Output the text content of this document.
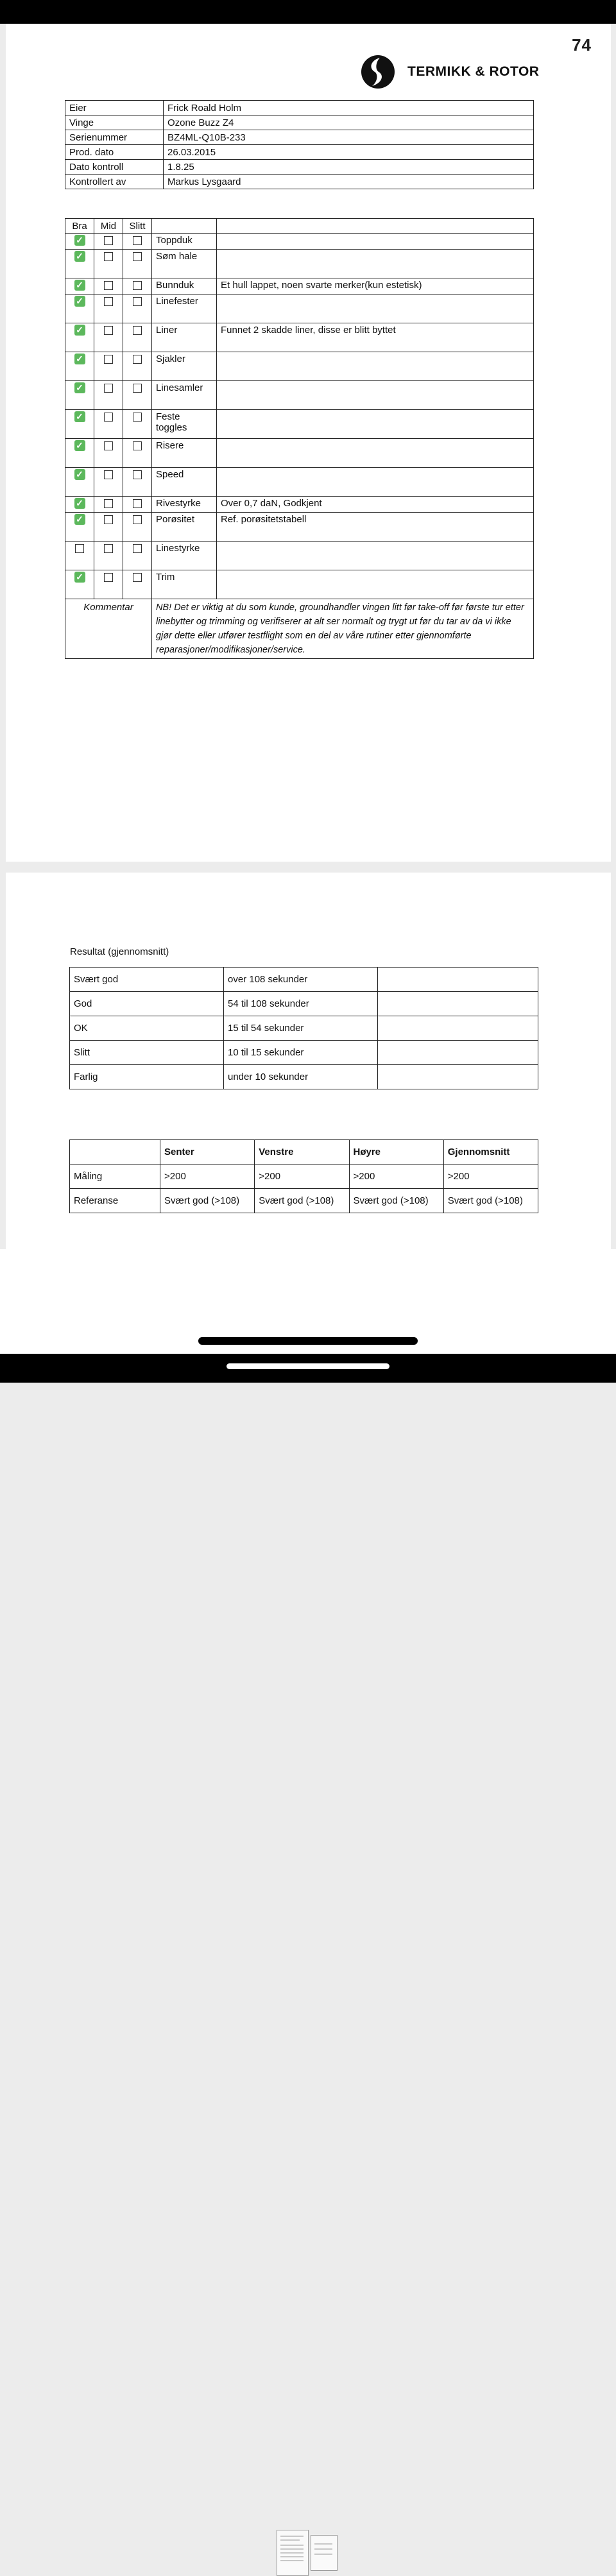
74
TERMIKK & ROTOR
Eier	Frick Roald Holm
Vinge	Ozone Buzz Z4
Serienummer	BZ4ML-Q10B-233
Prod. dato	26.03.2015
Dato kontroll	1.8.25
Kontrollert av	Markus Lysgaard
Bra	Mid	Slitt		
✓			Toppduk	
✓			Søm hale	
✓			Bunnduk	Et hull lappet, noen svarte merker(kun estetisk)
✓			Linefester	
✓			Liner	Funnet 2 skadde liner, disse er blitt byttet
✓			Sjakler	
✓			Linesamler	
✓			Feste toggles	
✓			Risere	
✓			Speed	
✓			Rivestyrke	Over 0,7 daN, Godkjent
✓			Porøsitet	Ref. porøsitetstabell
			Linestyrke	
✓			Trim	
Kommentar			NB! Det er viktig at du som kunde, groundhandler vingen litt før take-off før første tur etter linebytter og trimming og verifiserer at alt ser normalt og trygt ut før du tar av da vi ikke gjør dette eller utfører testflight som en del av våre rutiner etter gjennomførte reparasjoner/modifikasjoner/service.	
Resultat (gjennomsnitt)
Svært god	over 108 sekunder	
God	54 til 108 sekunder	
OK	15 til 54 sekunder	
Slitt	10 til 15 sekunder	
Farlig	under 10 sekunder	
	Senter	Venstre	Høyre	Gjennomsnitt
Måling	>200	>200	>200	>200
Referanse	Svært god (>108)	Svært god (>108)	Svært god (>108)	Svært god (>108)
